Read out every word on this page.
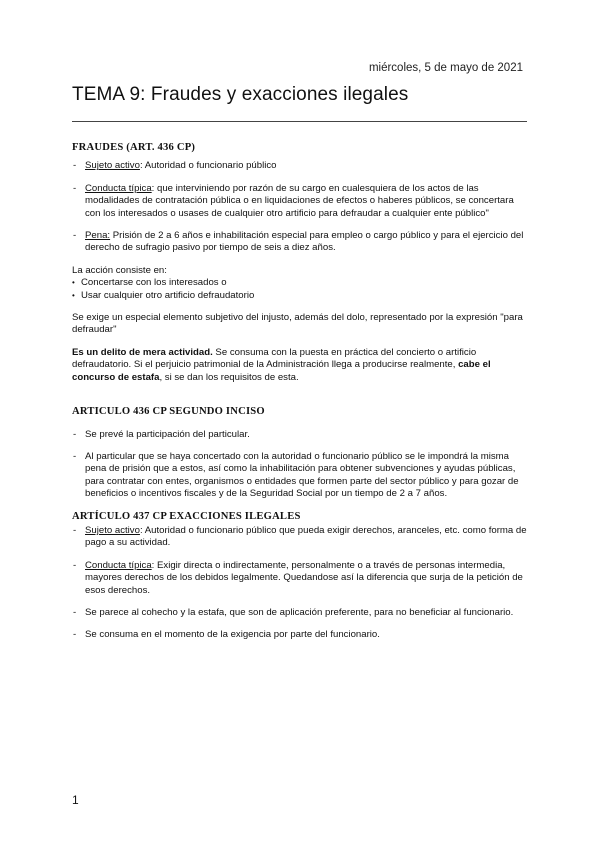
miércoles, 5 de mayo de 2021
TEMA 9: Fraudes y exacciones ilegales
FRAUDES (ART. 436 CP)
- Sujeto activo: Autoridad o funcionario público
- Conducta típica: que interviniendo por razón de su cargo en cualesquiera de los actos de las modalidades de contratación pública o en liquidaciones de efectos o haberes públicos, se concertara con los interesados o usases de cualquier otro artificio para defraudar a cualquier ente público"
- Pena: Prisión de 2 a 6 años e inhabilitación especial para empleo o cargo público y para el ejercicio del derecho de sufragio pasivo por tiempo de seis a diez años.
La acción consiste en:
• Concertarse con los interesados o
• Usar cualquier otro artificio defraudatorio

Se exige un especial elemento subjetivo del injusto, además del dolo, representado por la expresión "para defraudar"

Es un delito de mera actividad. Se consuma con la puesta en práctica del concierto o artificio defraudatorio. Si el perjuicio patrimonial de la Administración llega a producirse realmente, cabe el concurso de estafa, si se dan los requisitos de esta.

ARTICULO 436 CP SEGUNDO INCISO
- Se prevé la participación del particular.
- Al particular que se haya concertado con la autoridad o funcionario público se le impondrá la misma pena de prisión que a estos, así como la inhabilitación para obtener subvenciones y ayudas públicas, para contratar con entes, organismos o entidades que formen parte del sector público y para gozar de beneficios o incentivos fiscales y de la Seguridad Social por un tiempo de 2 a 7 años.
ARTÍCULO 437 CP EXACCIONES ILEGALES
- Sujeto activo: Autoridad o funcionario público que pueda exigir derechos, aranceles, etc. como forma de pago a su actividad.
- Conducta típica: Exigir directa o indirectamente, personalmente o a través de personas intermedia, mayores derechos de los debidos legalmente. Quedandose así la diferencia que surja de la petición de esos derechos.
- Se parece al cohecho y la estafa, que son de aplicación preferente, para no beneficiar al funcionario.
- Se consuma en el momento de la exigencia por parte del funcionario.
1
